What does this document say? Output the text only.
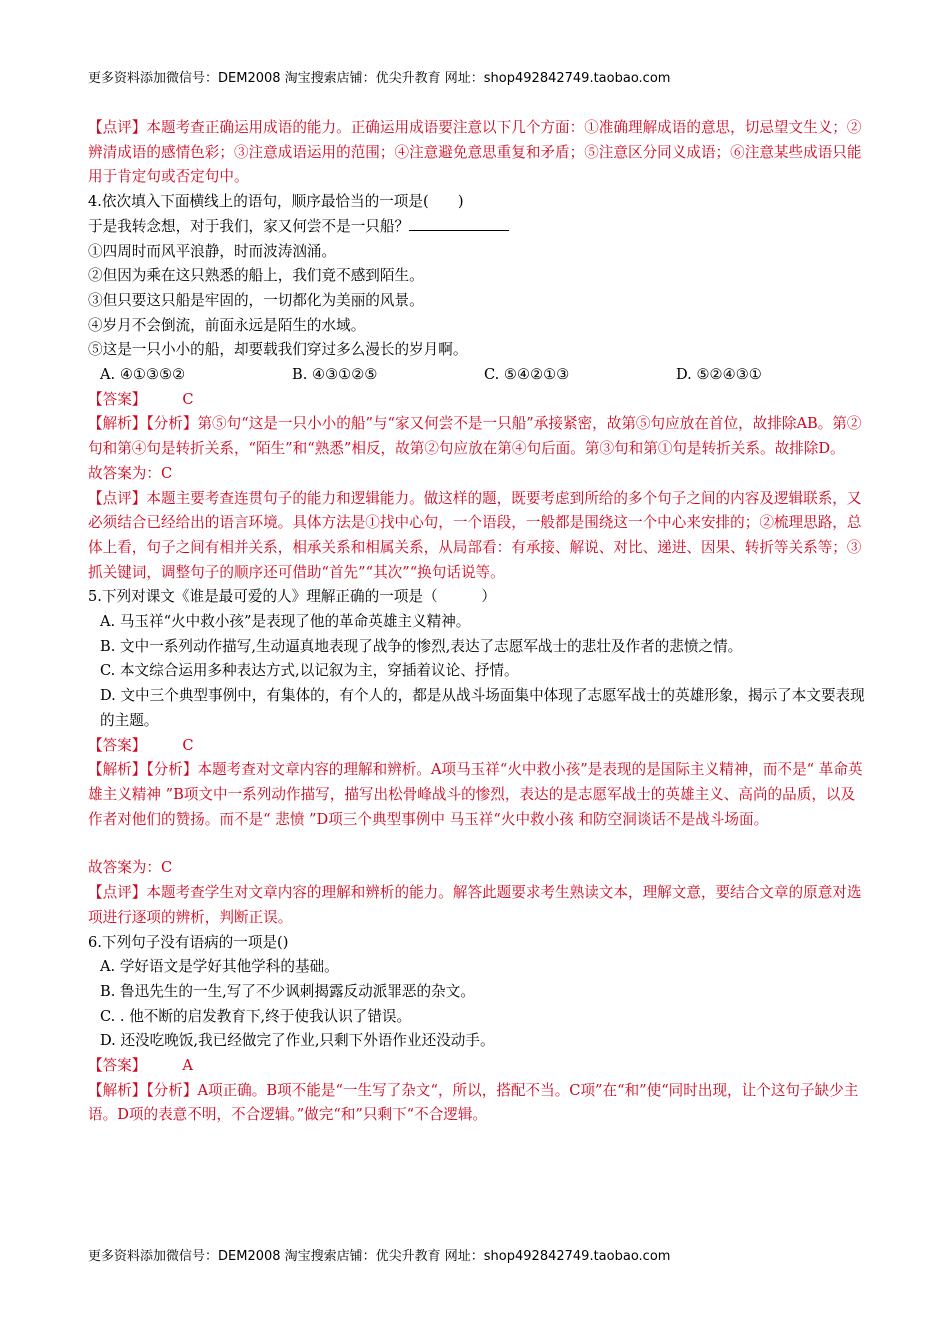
更多资料添加微信号：DEM2008 淘宝搜索店铺：优尖升教育 网址：shop492842749.taobao.com

【点评】本题考查正确运用成语的能力。正确运用成语要注意以下几个方面：①准确理解成语的意思，切忌望文生义；②辨清成语的感情色彩；③注意成语运用的范围；④注意避免意思重复和矛盾；⑤注意区分同义成语；⑥注意某些成语只能用于肯定句或否定句中。

4.依次填入下面横线上的语句，顺序最恰当的一项是(　　)

于是我转念想，对于我们，家又何尝不是一只船？

①四周时而风平浪静，时而波涛汹涌。

②但因为乘在这只熟悉的船上，我们竟不感到陌生。

③但只要这只船是牢固的，一切都化为美丽的风景。

④岁月不会倒流，前面永远是陌生的水域。

⑤这是一只小小的船，却要载我们穿过多么漫长的岁月啊。

A. ④①③⑤②	B. ④③①②⑤	C. ⑤④②①③	D. ⑤②④③①

【答案】 C

【解析】【分析】第⑤句“这是一只小小的船”与“家又何尝不是一只船”承接紧密，故第⑤句应放在首位，故排除AB。第②句和第④句是转折关系，“陌生”和“熟悉”相反，故第②句应放在第④句后面。第③句和第①句是转折关系。故排除D。

故答案为：C

【点评】本题主要考查连贯句子的能力和逻辑能力。做这样的题，既要考虑到所给的多个句子之间的内容及逻辑联系，又必须结合已经给出的语言环境。具体方法是①找中心句，一个语段，一般都是围绕这一个中心来安排的；②梳理思路，总体上看，句子之间有相并关系，相承关系和相属关系，从局部看：有承接、解说、对比、递进、因果、转折等关系等；③抓关键词，调整句子的顺序还可借助“首先”“其次”“换句话说等。

5.下列对课文《谁是最可爱的人》理解正确的一项是（　　　）

A. 马玉祥“火中救小孩”是表现了他的革命英雄主义精神。

B. 文中一系列动作描写,生动逼真地表现了战争的惨烈,表达了志愿军战士的悲壮及作者的悲愤之情。

C. 本文综合运用多种表达方式,以记叙为主，穿插着议论、抒情。

D. 文中三个典型事例中，有集体的，有个人的，都是从战斗场面集中体现了志愿军战士的英雄形象，揭示了本文要表现的主题。

【答案】 C

【解析】【分析】本题考查对文章内容的理解和辨析。A项马玉祥“火中救小孩”是表现的是国际主义精神，而不是“ 革命英雄主义精神 ”B项文中一系列动作描写，描写出松骨峰战斗的惨烈，表达的是志愿军战士的英雄主义、高尚的品质，以及作者对他们的赞扬。而不是“ 悲愤 ”D项三个典型事例中 马玉祥“火中救小孩 和防空洞谈话不是战斗场面。

故答案为：C

【点评】本题考查学生对文章内容的理解和辨析的能力。解答此题要求考生熟读文本，理解文意，要结合文章的原意对选项进行逐项的辨析，判断正误。

6.下列句子没有语病的一项是()

A. 学好语文是学好其他学科的基础。

B. 鲁迅先生的一生,写了不少讽刺揭露反动派罪恶的杂文。

C. . 他不断的启发教育下,终于使我认识了错误。

D. 还没吃晚饭,我已经做完了作业,只剩下外语作业还没动手。

【答案】 A

【解析】【分析】A项正确。B项不能是“一生写了杂文“，所以，搭配不当。C项”在“和”使“同时出现，让个这句子缺少主语。D项的表意不明，不合逻辑。”做完“和”只剩下“不合逻辑。

更多资料添加微信号：DEM2008 淘宝搜索店铺：优尖升教育 网址：shop492842749.taobao.com
